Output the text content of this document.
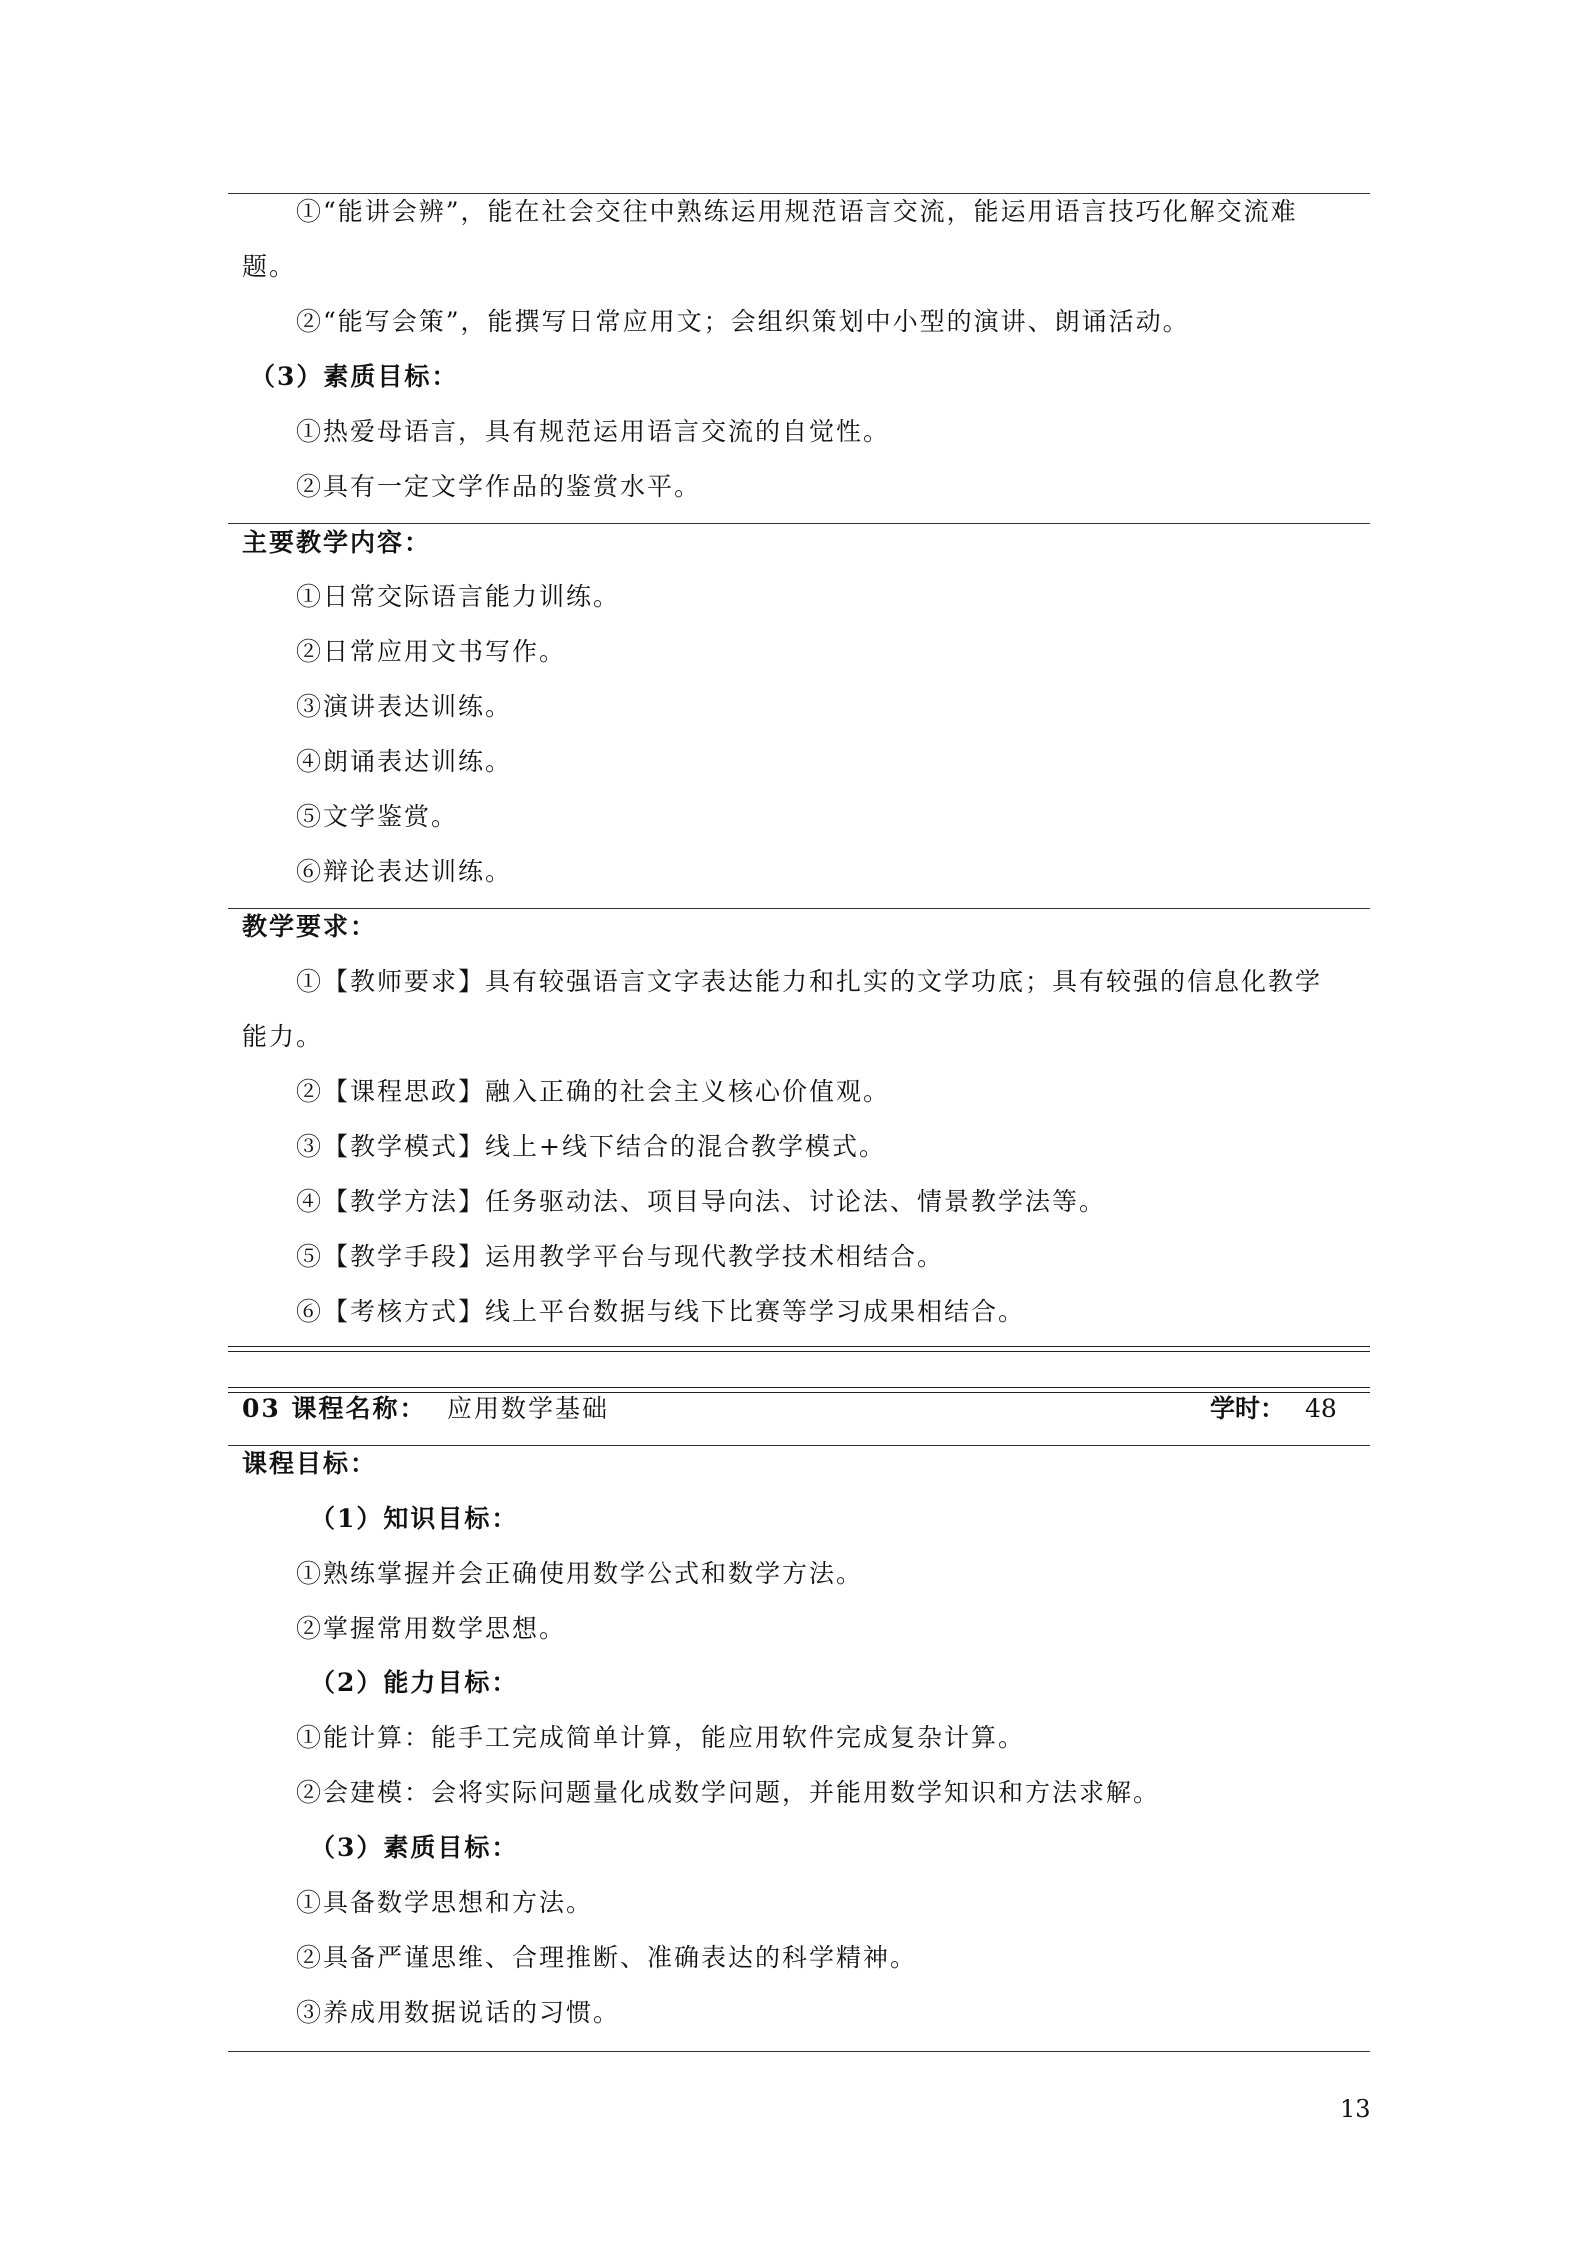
①“能讲会辨”，能在社会交往中熟练运用规范语言交流，能运用语言技巧化解交流难
题。
②“能写会策”，能撰写日常应用文；会组织策划中小型的演讲、朗诵活动。
（3）素质目标：
①热爱母语言，具有规范运用语言交流的自觉性。
②具有一定文学作品的鉴赏水平。
主要教学内容：
①日常交际语言能力训练。
②日常应用文书写作。
③演讲表达训练。
④朗诵表达训练。
⑤文学鉴赏。
⑥辩论表达训练。
教学要求：
①【教师要求】具有较强语言文字表达能力和扎实的文学功底；具有较强的信息化教学
能力。
②【课程思政】融入正确的社会主义核心价值观。
③【教学模式】线上+线下结合的混合教学模式。
④【教学方法】任务驱动法、项目导向法、讨论法、情景教学法等。
⑤【教学手段】运用教学平台与现代教学技术相结合。
⑥【考核方式】线上平台数据与线下比赛等学习成果相结合。
03 课程名称： 应用数学基础	学时： 48
课程目标：
（1）知识目标：
①熟练掌握并会正确使用数学公式和数学方法。
②掌握常用数学思想。
（2）能力目标：
①能计算：能手工完成简单计算，能应用软件完成复杂计算。
②会建模：会将实际问题量化成数学问题，并能用数学知识和方法求解。
（3）素质目标：
①具备数学思想和方法。
②具备严谨思维、合理推断、准确表达的科学精神。
③养成用数据说话的习惯。
13
